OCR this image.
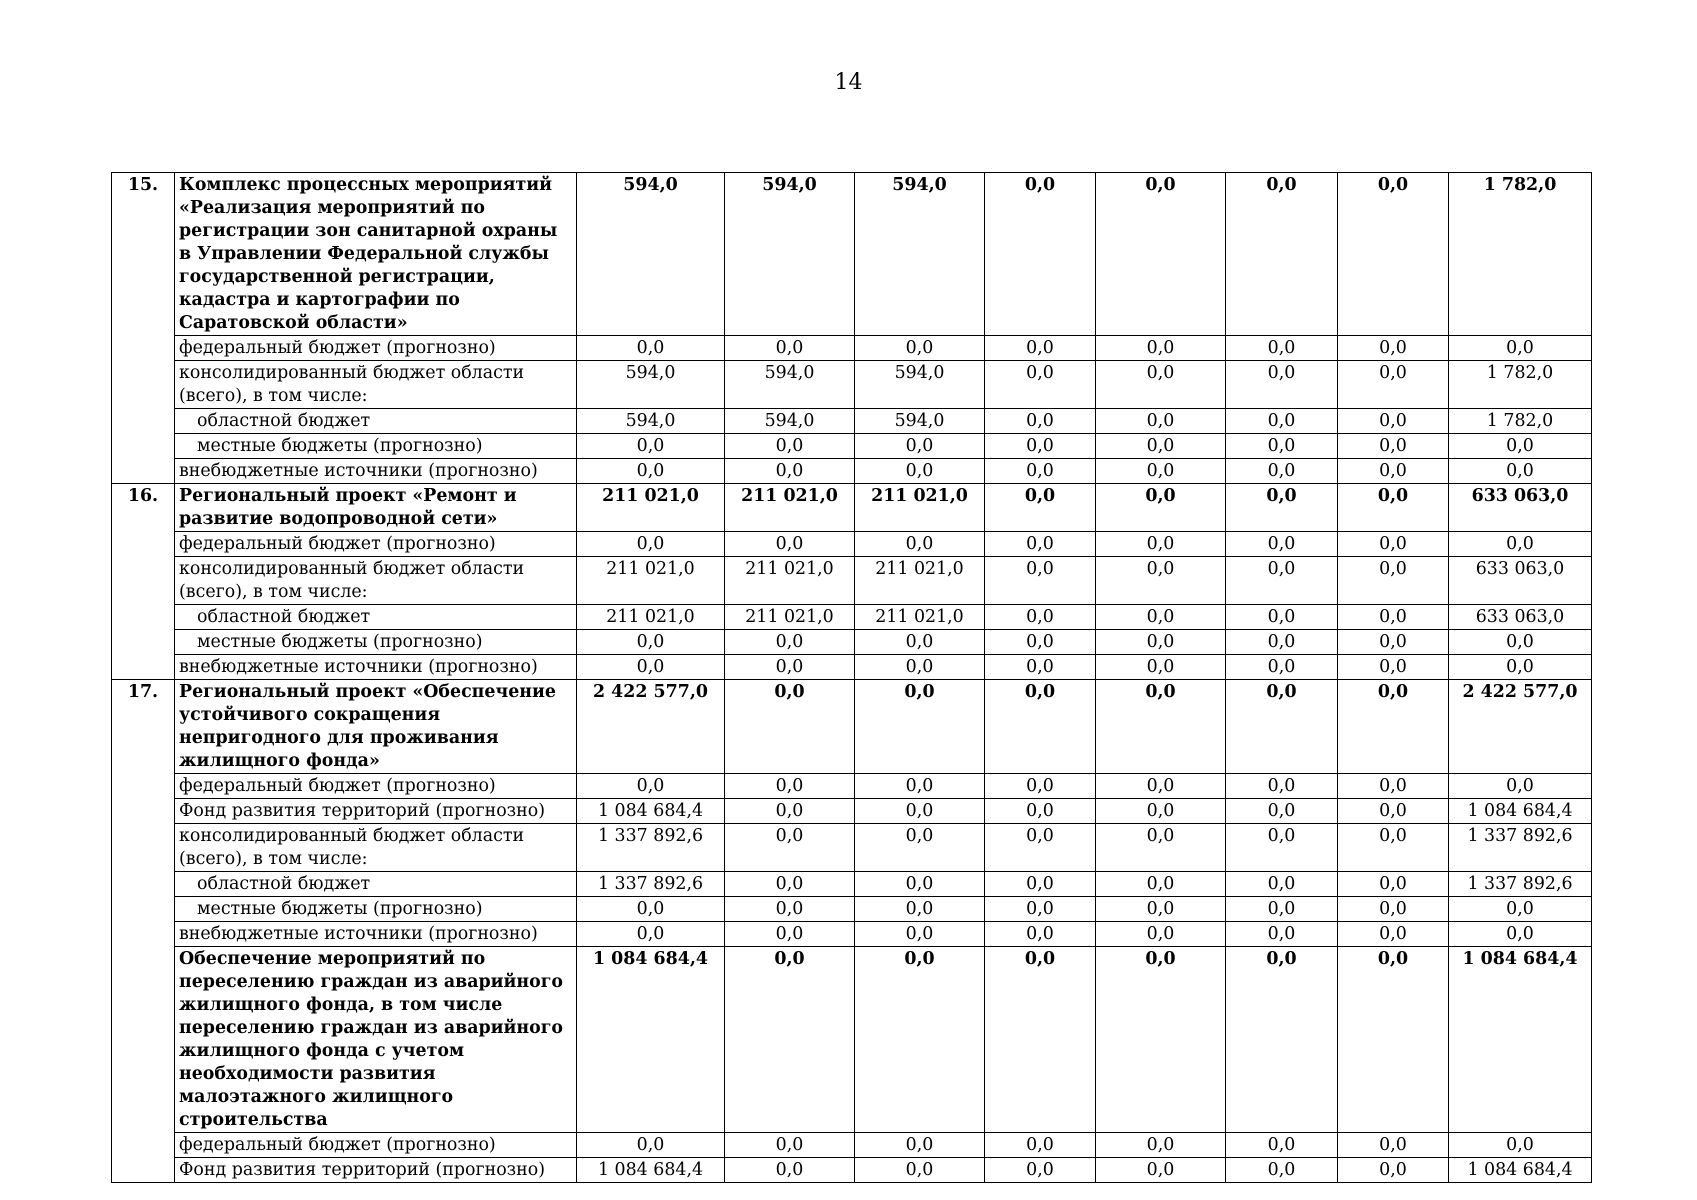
14
15.	Комплекс процессных мероприятий «Реализация мероприятий по регистрации зон санитарной охраны в Управлении Федеральной службы государственной регистрации, кадастра и картографии по Саратовской области»	594,0	594,0	594,0	0,0	0,0	0,0	0,0	1 782,0
	федеральный бюджет (прогнозно)	0,0	0,0	0,0	0,0	0,0	0,0	0,0	0,0
	консолидированный бюджет области (всего), в том числе:	594,0	594,0	594,0	0,0	0,0	0,0	0,0	1 782,0
	областной бюджет	594,0	594,0	594,0	0,0	0,0	0,0	0,0	1 782,0
	местные бюджеты (прогнозно)	0,0	0,0	0,0	0,0	0,0	0,0	0,0	0,0
	внебюджетные источники (прогнозно)	0,0	0,0	0,0	0,0	0,0	0,0	0,0	0,0
16.	Региональный проект «Ремонт и развитие водопроводной сети»	211 021,0	211 021,0	211 021,0	0,0	0,0	0,0	0,0	633 063,0
	федеральный бюджет (прогнозно)	0,0	0,0	0,0	0,0	0,0	0,0	0,0	0,0
	консолидированный бюджет области (всего), в том числе:	211 021,0	211 021,0	211 021,0	0,0	0,0	0,0	0,0	633 063,0
	областной бюджет	211 021,0	211 021,0	211 021,0	0,0	0,0	0,0	0,0	633 063,0
	местные бюджеты (прогнозно)	0,0	0,0	0,0	0,0	0,0	0,0	0,0	0,0
	внебюджетные источники (прогнозно)	0,0	0,0	0,0	0,0	0,0	0,0	0,0	0,0
17.	Региональный проект «Обеспечение устойчивого сокращения непригодного для проживания жилищного фонда»	2 422 577,0	0,0	0,0	0,0	0,0	0,0	0,0	2 422 577,0
	федеральный бюджет (прогнозно)	0,0	0,0	0,0	0,0	0,0	0,0	0,0	0,0
	Фонд развития территорий (прогнозно)	1 084 684,4	0,0	0,0	0,0	0,0	0,0	0,0	1 084 684,4
	консолидированный бюджет области (всего), в том числе:	1 337 892,6	0,0	0,0	0,0	0,0	0,0	0,0	1 337 892,6
	областной бюджет	1 337 892,6	0,0	0,0	0,0	0,0	0,0	0,0	1 337 892,6
	местные бюджеты (прогнозно)	0,0	0,0	0,0	0,0	0,0	0,0	0,0	0,0
	внебюджетные источники (прогнозно)	0,0	0,0	0,0	0,0	0,0	0,0	0,0	0,0
	Обеспечение мероприятий по переселению граждан из аварийного жилищного фонда, в том числе переселению граждан из аварийного жилищного фонда с учетом необходимости развития малоэтажного жилищного строительства	1 084 684,4	0,0	0,0	0,0	0,0	0,0	0,0	1 084 684,4
	федеральный бюджет (прогнозно)	0,0	0,0	0,0	0,0	0,0	0,0	0,0	0,0
	Фонд развития территорий (прогнозно)	1 084 684,4	0,0	0,0	0,0	0,0	0,0	0,0	1 084 684,4
